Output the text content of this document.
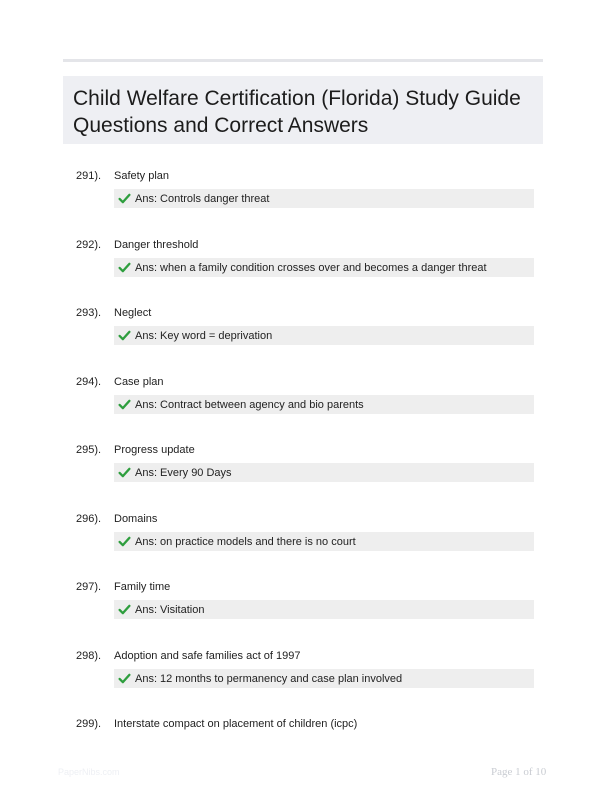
Child Welfare Certification (Florida) Study Guide
Questions and Correct Answers
291). Safety plan
Ans: Controls danger threat
292). Danger threshold
Ans: when a family condition crosses over and becomes a danger threat
293). Neglect
Ans: Key word = deprivation
294). Case plan
Ans: Contract between agency and bio parents
295). Progress update
Ans: Every 90 Days
296). Domains
Ans: on practice models and there is no court
297). Family time
Ans: Visitation
298). Adoption and safe families act of 1997
Ans: 12 months to permanency and case plan involved
299). Interstate compact on placement of children (icpc)
PaperNibs.com	Page 1 of 10
